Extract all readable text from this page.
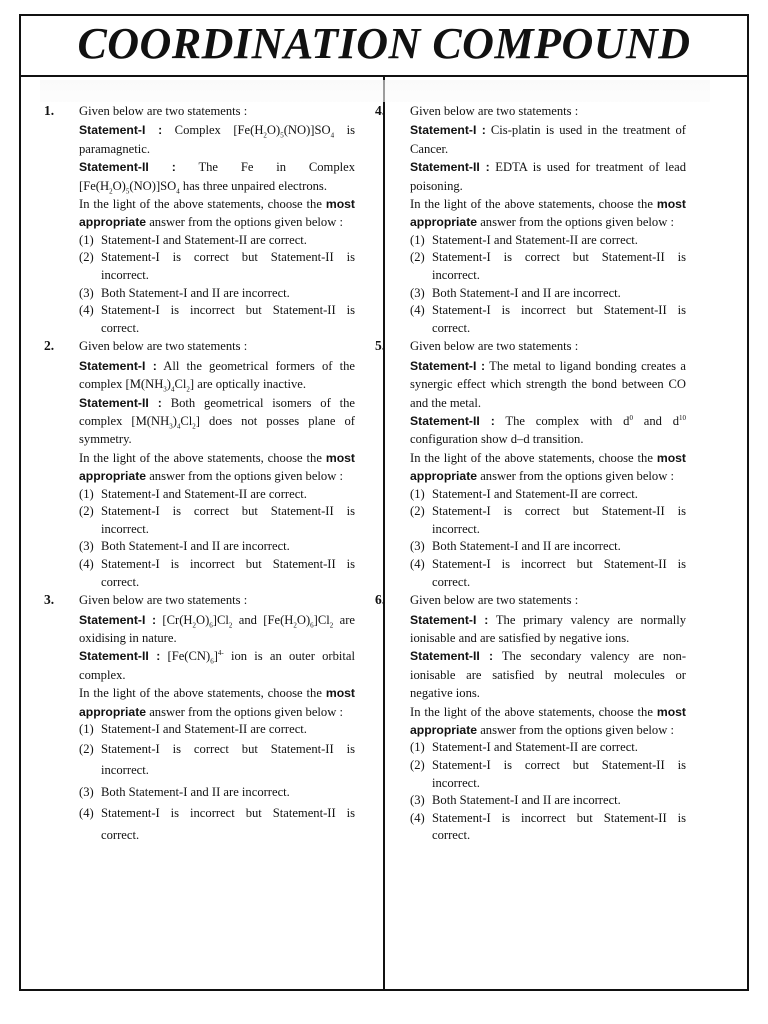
COORDINATION COMPOUND
1. Given below are two statements :

Statement-I : Complex $[Fe(H_2O)_5(NO)]SO_4$ is paramagnetic.

Statement-II : The Fe in Complex $[Fe(H_2O)_5(NO)]SO_4$ has three unpaired electrons.

In the light of the above statements, choose the most appropriate answer from the options given below :

(1) Statement-I and Statement-II are correct.
(2) Statement-I is correct but Statement-II is incorrect.
(3) Both Statement-I and II are incorrect.
(4) Statement-I is incorrect but Statement-II is correct.
2. Given below are two statements :

Statement-I : All the geometrical formers of the complex $[M(NH_3)_4Cl_2]$ are optically inactive.

Statement-II : Both geometrical isomers of the complex $[M(NH_3)_4Cl_2]$ does not posses plane of symmetry.

In the light of the above statements, choose the most appropriate answer from the options given below :

(1) Statement-I and Statement-II are correct.
(2) Statement-I is correct but Statement-II is incorrect.
(3) Both Statement-I and II are incorrect.
(4) Statement-I is incorrect but Statement-II is correct.
3. Given below are two statements :

Statement-I : $[Cr(H_2O)_6]Cl_2$ and $[Fe(H_2O)_6]Cl_2$ are oxidising in nature.

Statement-II : $[Fe(CN)_6]^{4-}$ ion is an outer orbital complex.

In the light of the above statements, choose the most appropriate answer from the options given below :

(1) Statement-I and Statement-II are correct.
(2) Statement-I is correct but Statement-II is incorrect.
(3) Both Statement-I and II are incorrect.
(4) Statement-I is incorrect but Statement-II is correct.
4. Given below are two statements :

Statement-I : Cis-platin is used in the treatment of Cancer.

Statement-II : EDTA is used for treatment of lead poisoning.

In the light of the above statements, choose the most appropriate answer from the options given below :

(1) Statement-I and Statement-II are correct.
(2) Statement-I is correct but Statement-II is incorrect.
(3) Both Statement-I and II are incorrect.
(4) Statement-I is incorrect but Statement-II is correct.
5. Given below are two statements :

Statement-I : The metal to ligand bonding creates a synergic effect which strength the bond between CO and the metal.

Statement-II : The complex with $d^0$ and $d^{10}$ configuration show d–d transition.

In the light of the above statements, choose the most appropriate answer from the options given below :

(1) Statement-I and Statement-II are correct.
(2) Statement-I is correct but Statement-II is incorrect.
(3) Both Statement-I and II are incorrect.
(4) Statement-I is incorrect but Statement-II is correct.
6. Given below are two statements :

Statement-I : The primary valency are normally ionisable and are satisfied by negative ions.

Statement-II : The secondary valency are non-ionisable are satisfied by neutral molecules or negative ions.

In the light of the above statements, choose the most appropriate answer from the options given below :

(1) Statement-I and Statement-II are correct.
(2) Statement-I is correct but Statement-II is incorrect.
(3) Both Statement-I and II are incorrect.
(4) Statement-I is incorrect but Statement-II is correct.
